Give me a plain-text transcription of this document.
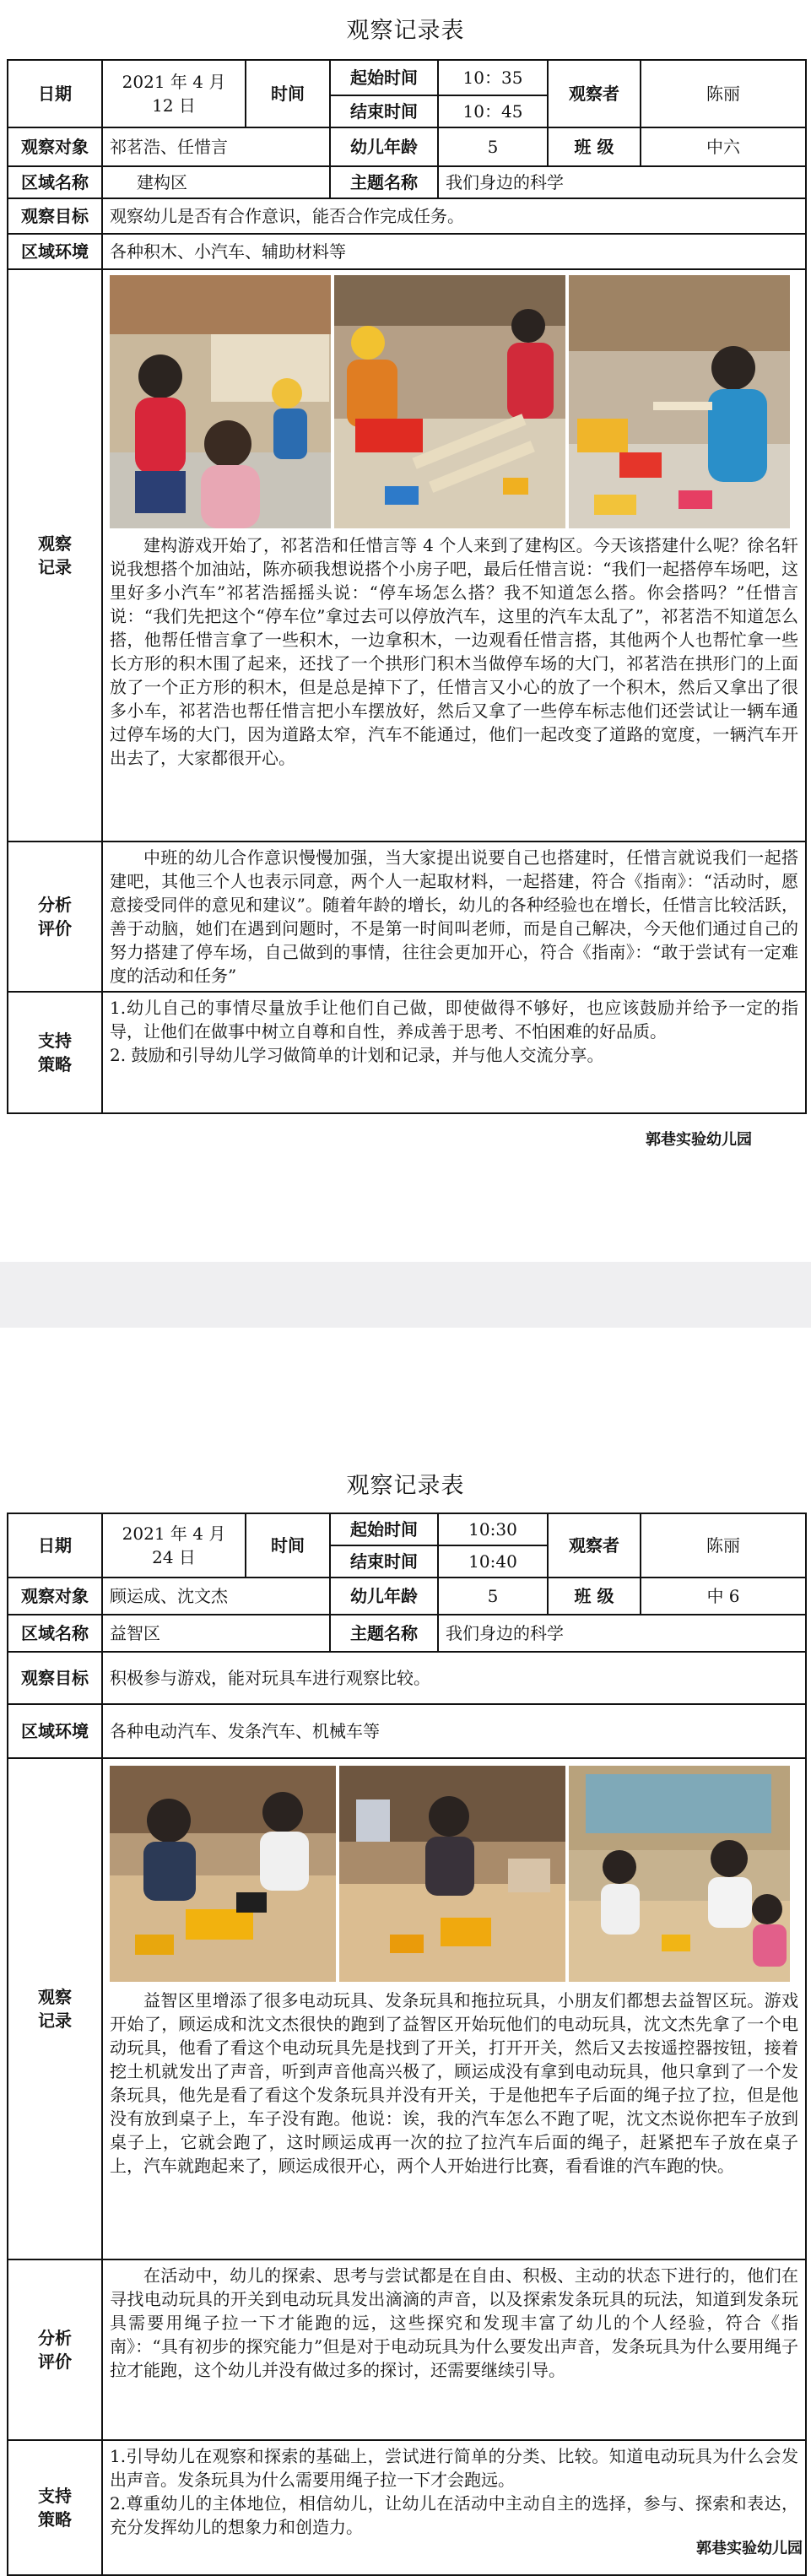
观察记录表
日期	2021 年 4 月 12 日	时间	起始时间	10：35	观察者	陈丽
			结束时间	10：45		
观察对象	祁茗浩、任惜言		幼儿年龄	5	班 级	中六
区域名称	建构区		主题名称	我们身边的科学		
观察目标	观察幼儿是否有合作意识，能否合作完成任务。					
区域环境	各种积木、小汽车、辅助材料等					

观察记录	建构游戏开始了，祁茗浩和任惜言等 4 个人来到了建构区。今天该搭建什么呢？徐名轩说我想搭个加油站，陈亦硕我想说搭个小房子吧，最后任惜言说：“我们一起搭停车场吧，这里好多小汽车”祁茗浩摇摇头说：“停车场怎么搭？我不知道怎么搭。你会搭吗？”任惜言说：“我们先把这个“停车位”拿过去可以停放汽车，这里的汽车太乱了”，祁茗浩不知道怎么搭，他帮任惜言拿了一些积木，一边拿积木，一边观看任惜言搭，其他两个人也帮忙拿一些长方形的积木围了起来，还找了一个拱形门积木当做停车场的大门，祁茗浩在拱形门的上面放了一个正方形的积木，但是总是掉下了，任惜言又小心的放了一个积木，然后又拿出了很多小车，祁茗浩也帮任惜言把小车摆放好，然后又拿了一些停车标志他们还尝试让一辆车通过停车场的大门，因为道路太窄，汽车不能通过，他们一起改变了道路的宽度，一辆汽车开出去了，大家都很开心。					

分析评价	中班的幼儿合作意识慢慢加强，当大家提出说要自己也搭建时，任惜言就说我们一起搭建吧，其他三个人也表示同意，两个人一起取材料，一起搭建，符合《指南》：“活动时，愿意接受同伴的意见和建议”。随着年龄的增长，幼儿的各种经验也在增长，任惜言比较活跃，善于动脑，她们在遇到问题时，不是第一时间叫老师，而是自己解决，今天他们通过自己的努力搭建了停车场，自己做到的事情，往往会更加开心，符合《指南》：“敢于尝试有一定难度的活动和任务”					

支持策略	1.幼儿自己的事情尽量放手让他们自己做，即使做得不够好，也应该鼓励并给予一定的指导，让他们在做事中树立自尊和自性，养成善于思考、不怕困难的好品质。

2. 鼓励和引导幼儿学习做简单的计划和记录，并与他人交流分享。					

郭巷实验幼儿园
观察记录表
日期	2021 年 4 月 24 日	时间	起始时间	10:30	观察者	陈丽
			结束时间	10:40		
观察对象	顾运成、沈文杰		幼儿年龄	5	班 级	中 6
区域名称	益智区		主题名称	我们身边的科学		
观察目标	积极参与游戏，能对玩具车进行观察比较。					
区域环境	各种电动汽车、发条汽车、机械车等					

观察记录	益智区里增添了很多电动玩具、发条玩具和拖拉玩具，小朋友们都想去益智区玩。游戏开始了，顾运成和沈文杰很快的跑到了益智区开始玩他们的电动玩具，沈文杰先拿了一个电动玩具，他看了看这个电动玩具先是找到了开关，打开开关，然后又去按遥控器按钮，接着挖土机就发出了声音，听到声音他高兴极了，顾运成没有拿到电动玩具，他只拿到了一个发条玩具，他先是看了看这个发条玩具并没有开关，于是他把车子后面的绳子拉了拉，但是他没有放到桌子上，车子没有跑。他说：诶，我的汽车怎么不跑了呢，沈文杰说你把车子放到桌子上，它就会跑了，这时顾运成再一次的拉了拉汽车后面的绳子，赶紧把车子放在桌子上，汽车就跑起来了，顾运成很开心，两个人开始进行比赛，看看谁的汽车跑的快。					

分析评价	在活动中，幼儿的探索、思考与尝试都是在自由、积极、主动的状态下进行的，他们在寻找电动玩具的开关到电动玩具发出滴滴的声音，以及探索发条玩具的玩法，知道到发条玩具需要用绳子拉一下才能跑的远，这些探究和发现丰富了幼儿的个人经验，符合《指南》：“具有初步的探究能力”但是对于电动玩具为什么要发出声音，发条玩具为什么要用绳子拉才能跑，这个幼儿并没有做过多的探讨，还需要继续引导。					

支持策略	1.引导幼儿在观察和探索的基础上，尝试进行简单的分类、比较。知道电动玩具为什么会发出声音。发条玩具为什么需要用绳子拉一下才会跑远。

2.尊重幼儿的主体地位，相信幼儿，让幼儿在活动中主动自主的选择，参与、探索和表达，充分发挥幼儿的想象力和创造力。					

郭巷实验幼儿园
